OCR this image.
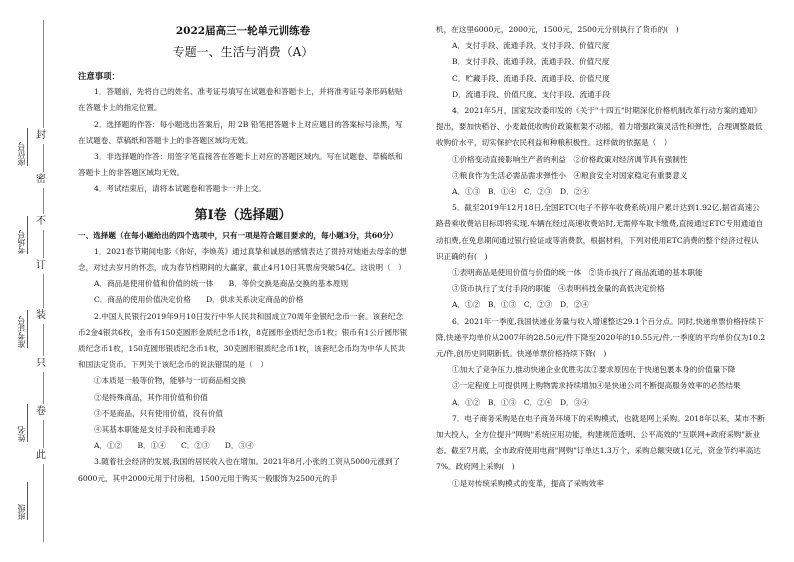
封
密
不
订
装
只
卷
此
准考证号
考场号
座位号
姓名
班级

2022届高三一轮单元训练卷

专题一、生活与消费（A）

注意事项：

1．答题前，先将自己的姓名、准考证号填写在试题卷和答题卡上，并将准考证号条形码粘贴在答题卡上的指定位置。

2．选择题的作答：每小题选出答案后，用 2B 铅笔把答题卡上对应题目的答案标号涂黑，写在试题卷、草稿纸和答题卡上的非答题区域均无效。

3．非选择题的作答：用签字笔直接答在答题卡上对应的答题区域内。写在试题卷、草稿纸和答题卡上的非答题区域均无效。

4．考试结束后，请将本试题卷和答题卡一并上交。

第Ⅰ卷（选择题）

一、选择题（在每小题给出的四个选项中，只有一项是符合题目要求的，每小题3分，共60分）

1．2021春节期间电影《你好，李焕英》通过真挚和诚恳的感情表达了贯持对她逝去母亲的想念，对过去岁月的怀恋，成为春节档期间的大赢家，截止4月10日其票房突破54亿。这说明（　）

A．商品是使用价值和价值的统一体　　B．等价交换是商品交换的基本原则

C．商品的使用价值决定价格　　D．供求关系决定商品的价格

2.中国人民银行2019年9月10日发行中华人民共和国成立70周年金银纪念币一套。该套纪念币2金4银共6枚，金币有150克圆形金质纪念币1枚，8克圆形金质纪念币1枚；银币有1公斤圆形银质纪念币1枚，150克圆形银质纪念币1枚，30克圆形银质纪念币1枚，该套纪念币均为中华人民共和国法定货币。下列关于该纪念币的说法错误的是（　）

①本质是一般等价物，能够与一切商品相交换

②是特殊商品，其作用价值和价值

③不是商品，只有使用价值，没有价值

④其基本职能是支付手段和流通手段

A．①②　　B．①④　　C．②③　　D．③④

3.随着社会经济的发展,我国的居民收入也在增加。2021年8月,小张的工资从5000元涨到了6000元，其中2000元用于付房租，1500元用于购买一般服饰为2500元的手

机，在这里6000元，2000元，1500元，2500元分别执行了货币的(　)

A．支付手段、流通手段、支付手段、价值尺度

B．支付手段、流通手段、流通手段、价值尺度

C．贮藏手段、流通手段、流通手段、价值尺度

D．流通手段、价值尺度、支付手段、流通手段

4．2021年5月，国家发改委印发的《关于"十四五"时期深化价格机制改革行动方案的通知》提出，要加快稻谷、小麦最低收购价政策框架不动摇，着力增强政策灵活性和弹性，合理调整最低收购价水平，切实保护农民利益和种粮积极性。这样做的依据是（　）

①价格变动直接影响生产者的利益　②价格政策对经济调节具有强制性

③粮食作为生活必需品需求弹性小　④粮食安全对国家稳定有重要意义

A．①③　B．①④　C．②③　D．②④

5．截至2019年12月18日,全国ETC(电子不停车收费系统)用户累计达到1.92亿,据省高速公路普乘收费站目标即将实现,车辆在经过高速收费站时,无需停车取卡缴费,直接通过ETC专用通道自动扣费,在免息期间通过银行验证或等消费款，根据材料，下列对使用ETC消费的整个经济过程认识正确的有(　)

①表明商品是使用价值与价值的统一体　②货币执行了商品流通的基本职能

③货币执行了支付手段的职能　④表明科技金量的高低决定价格

A．①②　B．①③　C．②③　D．②④

6．2021年一季度,我国快递业务量与收入增速整达29.1个百分点。同时,快递单票价格持续下降,快递平均单价从2007年的28.50元/件下降至2020年的10.55元/件,一季度的平均单价仅为10.2元/件,创历史同期新低。快递单票价格持续下降(　)

①加大了竞争压力,推动快递企业优胜劣汰②要求原因在于快递包裹本身的价值量下降

③一定程度上可提供网上购物需求持续增加④是快递公司不断提高服务效率的必然结果

A．①②　B．①③　C．②④　D．③④

7．电子商务采购是在电子商务环境下的采购模式，也就是网上采购。2018年以来，某市不断加大投入，全方位提升"网购"系统应用功能，构建规范透明、公平高效的"互联网+政府采购"新业态。截至7月底，全市政府使用电商"网购"订单达1.3万个，采购总额突破1亿元，资金节约率高达7%。政府网上采购(　)

①是对传统采购模式的变革，提高了采购效率
